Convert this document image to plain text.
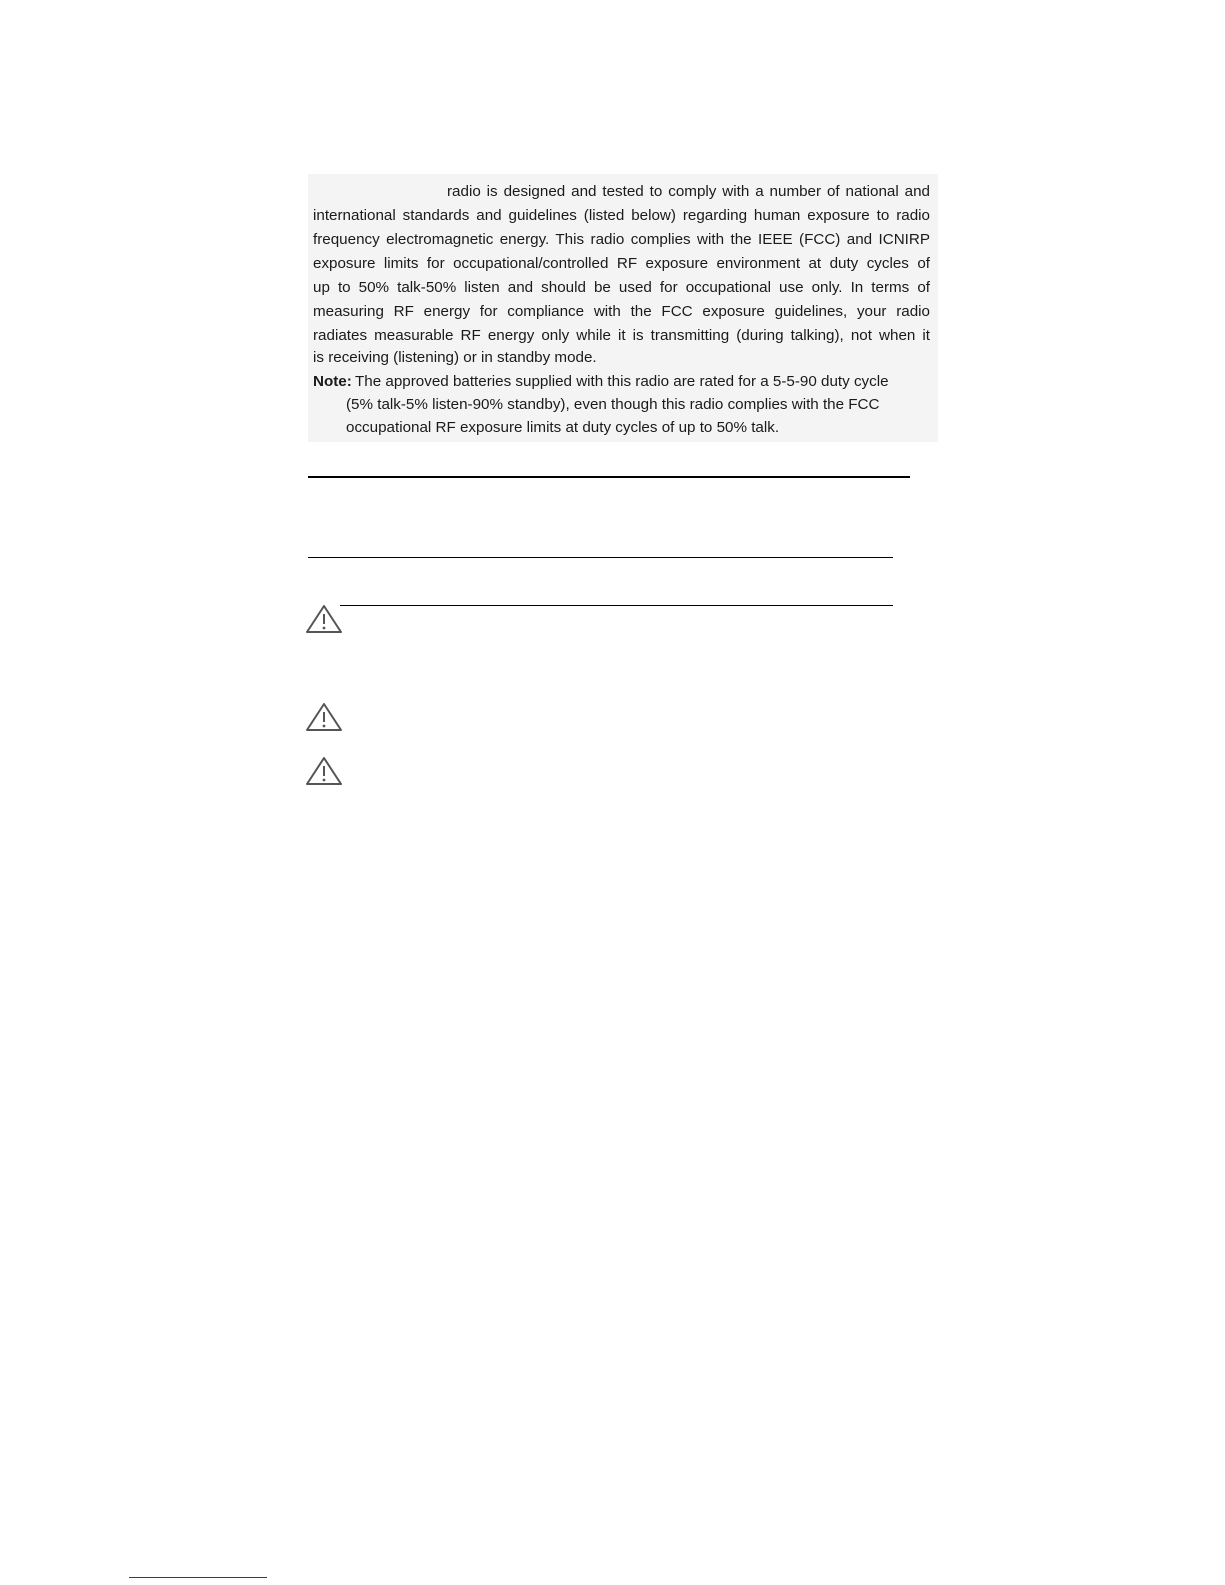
radio is designed and tested to comply with a number of national and

international standards and guidelines (listed below) regarding human exposure to radio

frequency electromagnetic energy. This radio complies with the IEEE (FCC) and ICNIRP

exposure limits for occupational/controlled RF exposure environment at duty cycles of

up to 50% talk-50% listen and should be used for occupational use only. In terms of

measuring RF energy for compliance with the FCC exposure guidelines, your radio

radiates measurable RF energy only while it is transmitting (during talking), not when it

is receiving (listening) or in standby mode.

Note: The approved batteries supplied with this radio are rated for a 5-5-90 duty cycle

(5% talk-5% listen-90% standby), even though this radio complies with the FCC

occupational RF exposure limits at duty cycles of up to 50% talk.
